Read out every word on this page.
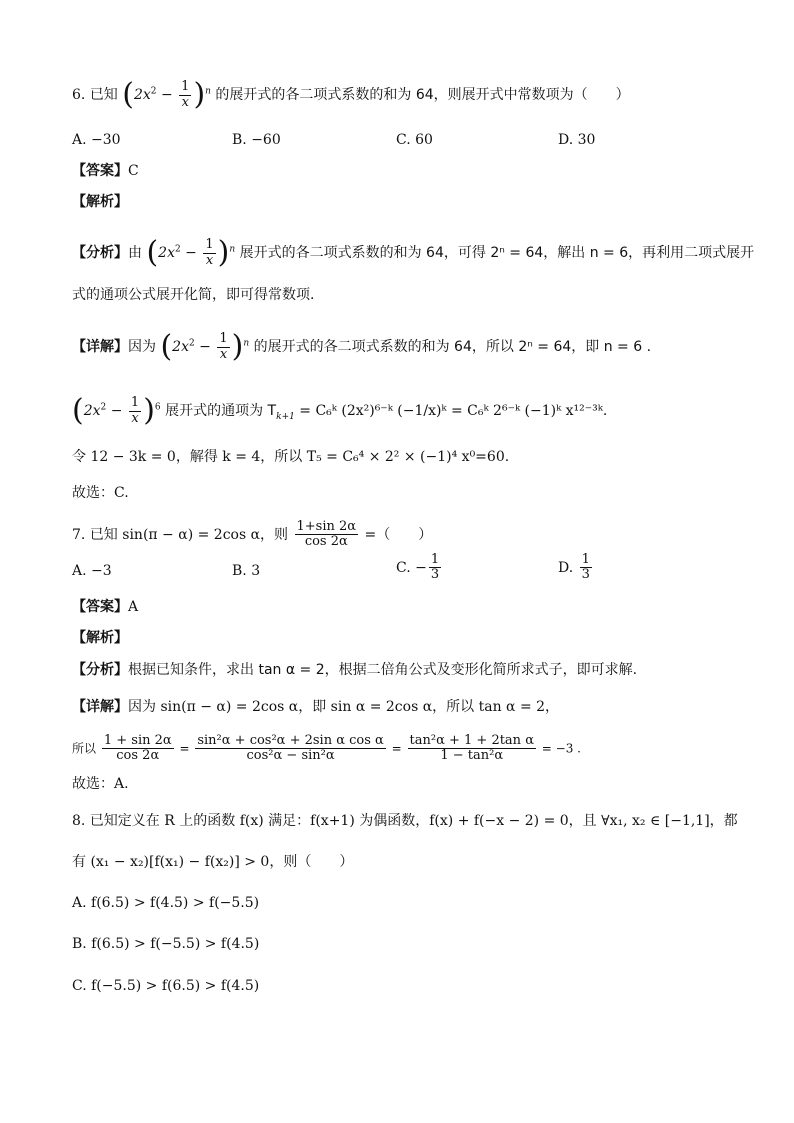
6. 已知 $(2x^2 - \frac{1}{x} )^n$ 的展开式的各二项式系数的和为 64，则展开式中常数项为（　　）
A. −30	B. −60	C. 60	D. 30
【答案】C
【解析】
【分析】由 $(2x^2 - \frac{1}{x} )^n$ 展开式的各二项式系数的和为 64，可得 2ⁿ = 64，解出 n = 6，再利用二项式展开
式的通项公式展开化简，即可得常数项.
【详解】因为 $(2x^2 - \frac{1}{x} )^n$ 的展开式的各二项式系数的和为 64，所以 2ⁿ = 64，即 n = 6 .
$(2x^2 - \frac{1}{x} )^6$ 展开式的通项为 $T_{k+1}$ = C₆ᵏ (2x²)⁶⁻ᵏ (−1/x)ᵏ = C₆ᵏ 2⁶⁻ᵏ (−1)ᵏ x¹²⁻³ᵏ.
令 12 − 3k = 0，解得 k = 4，所以 T₅ = C₆⁴ × 2² × (−1)⁴ x⁰=60.
故选：C.
7. 已知 sin(π − α) = 2cos α，则 $\frac{1+\sin 2\alpha}{\cos 2\alpha}$ =（　　）
A. −3	B. 3	C. − $\frac{1}{3}$	D. $\frac{1}{3}$
【答案】A
【解析】
【分析】根据已知条件，求出 tan α = 2，根据二倍角公式及变形化简所求式子，即可求解.
【详解】因为 sin(π − α) = 2cos α，即 sin α = 2cos α，所以 tan α = 2，
所以 $\frac{1 + \sin 2\alpha}{\cos 2\alpha} = \frac{\text{sin²α + cos²α + 2sin α cos α}}{\text{cos²α − sin²α}} = \frac{\text{tan²α + 1 + 2tan α}}{\text{1 − tan²α}} = -3$ .
故选：A.
8. 已知定义在 R 上的函数 f(x) 满足：f(x+1) 为偶函数，f(x) + f(−x − 2) = 0，且 ∀x₁, x₂ ∈ [−1,1]，都
有 (x₁ − x₂)[f(x₁) − f(x₂)] > 0，则（　　）
A. f(6.5) > f(4.5) > f(−5.5)
B. f(6.5) > f(−5.5) > f(4.5)
C. f(−5.5) > f(6.5) > f(4.5)
